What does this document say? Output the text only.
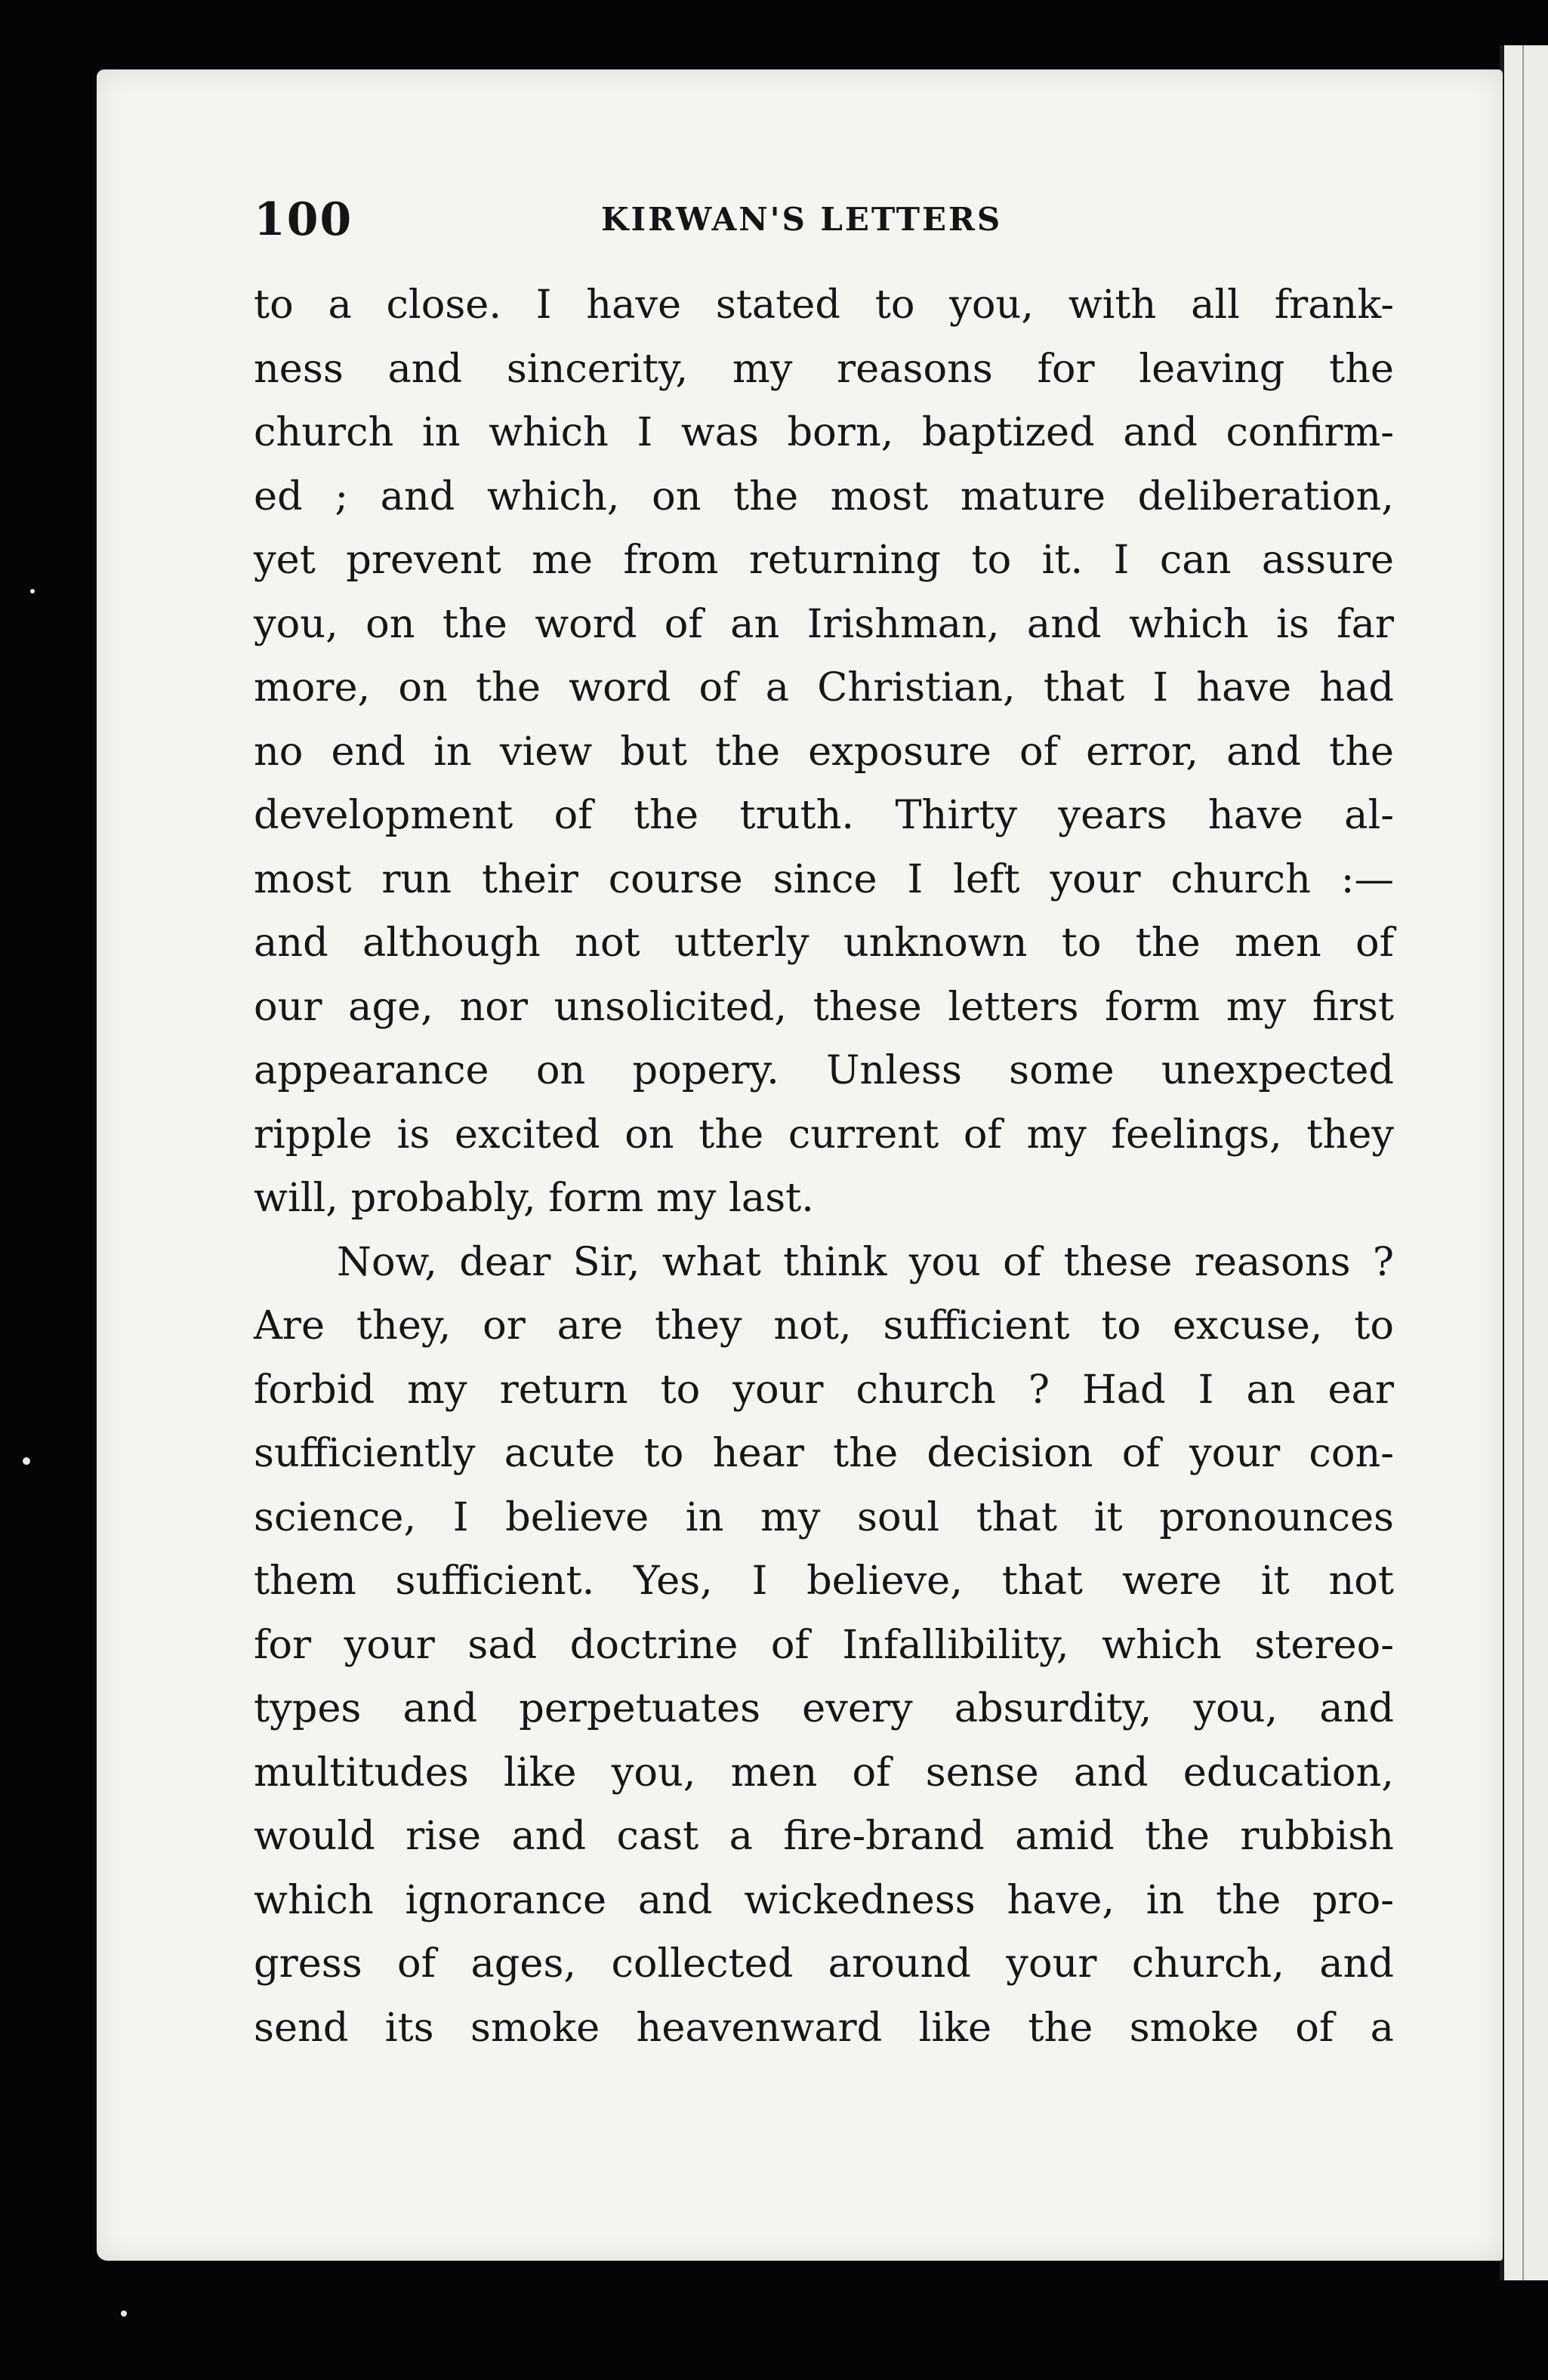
100	KIRWAN'S LETTERS
to a close. I have stated to you, with all frank-
ness and sincerity, my reasons for leaving the
church in which I was born, baptized and confirm-
ed ; and which, on the most mature deliberation,
yet prevent me from returning to it. I can assure
you, on the word of an Irishman, and which is far
more, on the word of a Christian, that I have had
no end in view but the exposure of error, and the
development of the truth. Thirty years have al-
most run their course since I left your church :—
and although not utterly unknown to the men of
our age, nor unsolicited, these letters form my first
appearance on popery. Unless some unexpected
ripple is excited on the current of my feelings, they
will, probably, form my last.
Now, dear Sir, what think you of these reasons ?
Are they, or are they not, sufficient to excuse, to
forbid my return to your church ? Had I an ear
sufficiently acute to hear the decision of your con-
science, I believe in my soul that it pronounces
them sufficient. Yes, I believe, that were it not
for your sad doctrine of Infallibility, which stereo-
types and perpetuates every absurdity, you, and
multitudes like you, men of sense and education,
would rise and cast a fire-brand amid the rubbish
which ignorance and wickedness have, in the pro-
gress of ages, collected around your church, and
send its smoke heavenward like the smoke of a
